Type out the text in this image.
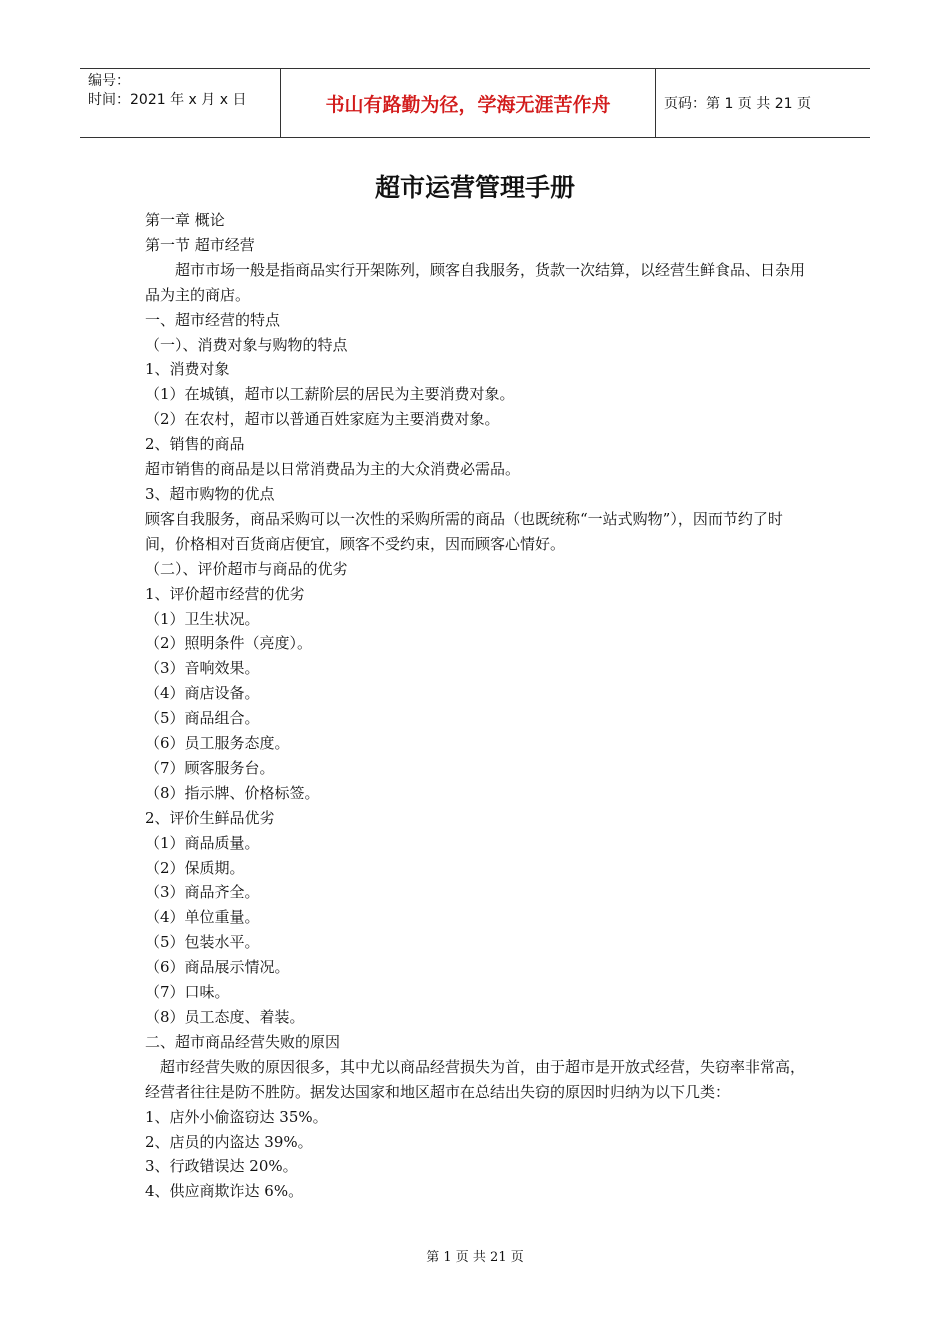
编号：
时间：2021 年 x 月 x 日	书山有路勤为径，学海无涯苦作舟	页码：第 1 页 共 21 页
超市运营管理手册

第一章 概论

第一节 超市经营

超市市场一般是指商品实行开架陈列，顾客自我服务，货款一次结算，以经营生鲜食品、日杂用品为主的商店。

一、超市经营的特点

（一）、消费对象与购物的特点

1、消费对象

（1）在城镇，超市以工薪阶层的居民为主要消费对象。

（2）在农村，超市以普通百姓家庭为主要消费对象。

2、销售的商品

超市销售的商品是以日常消费品为主的大众消费必需品。

3、超市购物的优点

顾客自我服务，商品采购可以一次性的采购所需的商品（也既统称“一站式购物”），因而节约了时间，价格相对百货商店便宜，顾客不受约束，因而顾客心情好。

（二）、评价超市与商品的优劣

1、评价超市经营的优劣

（1）卫生状况。

（2）照明条件（亮度）。

（3）音响效果。

（4）商店设备。

（5）商品组合。

（6）员工服务态度。

（7）顾客服务台。

（8）指示牌、价格标签。

2、评价生鲜品优劣

（1）商品质量。

（2）保质期。

（3）商品齐全。

（4）单位重量。

（5）包装水平。

（6）商品展示情况。

（7）口味。

（8）员工态度、着装。

二、超市商品经营失败的原因

超市经营失败的原因很多，其中尤以商品经营损失为首，由于超市是开放式经营，失窃率非常高，经营者往往是防不胜防。据发达国家和地区超市在总结出失窃的原因时归纳为以下几类：

1、店外小偷盗窃达 35%。

2、店员的内盗达 39%。

3、行政错误达 20%。

4、供应商欺诈达 6%。

第 1 页 共 21 页
